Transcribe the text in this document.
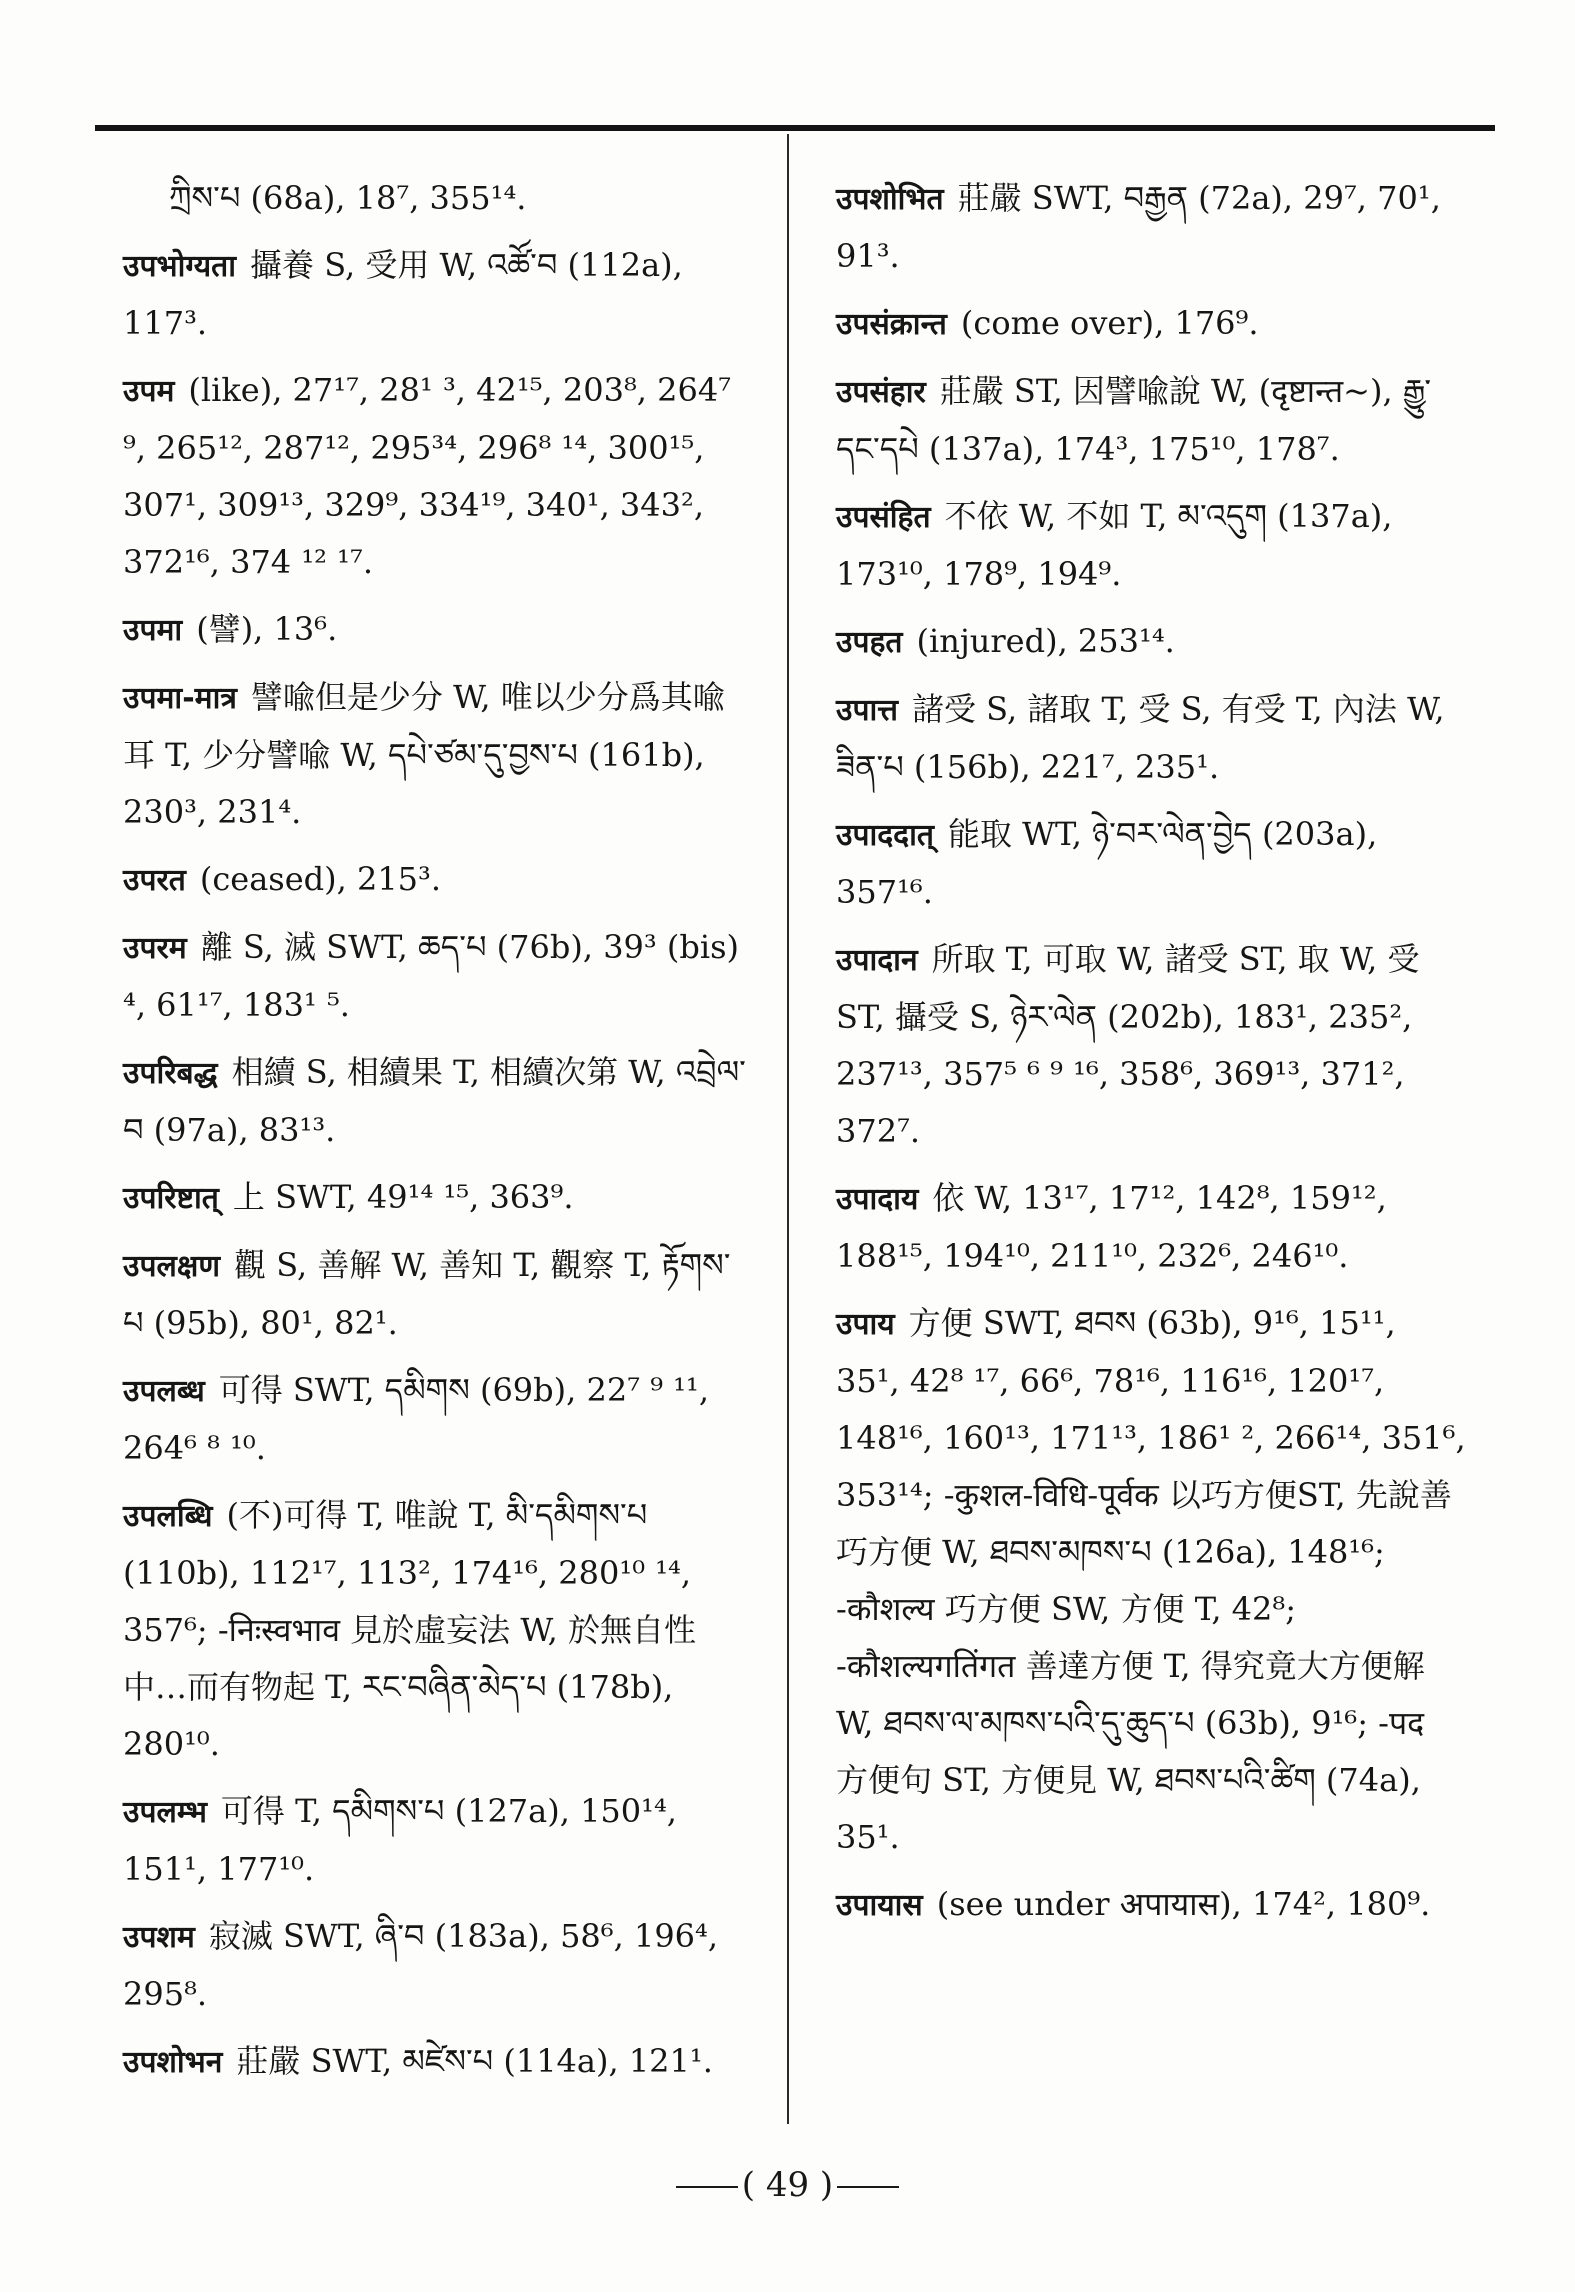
ཀྲིས་པ (68a), 18⁷, 355¹⁴.
उपभोग्यता 攝養 S, 受用 W, འཚོ་བ (112a), 117³.
उपम (like), 27¹⁷, 28¹ ³, 42¹⁵, 203⁸, 264⁷ ⁹, 265¹², 287¹², 295³⁴, 296⁸ ¹⁴, 300¹⁵, 307¹, 309¹³, 329⁹, 334¹⁹, 340¹, 343², 372¹⁶, 374 ¹² ¹⁷.
उपमा (譬), 13⁶.
उपमा-मात्र 譬喩但是少分 W, 唯以少分爲其喩耳 T, 少分譬喩 W, དཔེ་ཙམ་དུ་བྱས་པ (161b), 230³, 231⁴.
उपरत (ceased), 215³.
उपरम 離 S, 滅 SWT, ཆད་པ (76b), 39³ (bis) ⁴, 61¹⁷, 183¹ ⁵.
उपरिबद्ध 相續 S, 相續果 T, 相續次第 W, འབྲེལ་བ (97a), 83¹³.
उपरिष्टात् 上 SWT, 49¹⁴ ¹⁵, 363⁹.
उपलक्षण 觀 S, 善解 W, 善知 T, 觀察 T, རྟོགས་པ (95b), 80¹, 82¹.
उपलब्ध 可得 SWT, དམིགས (69b), 22⁷ ⁹ ¹¹, 264⁶ ⁸ ¹⁰.
उपलब्धि (不)可得 T, 唯說 T, མི་དམིགས་པ (110b), 112¹⁷, 113², 174¹⁶, 280¹⁰ ¹⁴, 357⁶; -निःस्वभाव 見於虛妄法 W, 於無自性中…而有物起 T, རང་བཞིན་མེད་པ (178b), 280¹⁰.
उपलम्भ 可得 T, དམིགས་པ (127a), 150¹⁴, 151¹, 177¹⁰.
उपशम 寂滅 SWT, ཞི་བ (183a), 58⁶, 196⁴, 295⁸.
उपशोभन 莊嚴 SWT, མཛེས་པ (114a), 121¹.
उपशोभित 莊嚴 SWT, བརྒྱན (72a), 29⁷, 70¹, 91³.
उपसंक्रान्त (come over), 176⁹.
उपसंहार 莊嚴 ST, 因譬喩說 W, (दृष्टान्त~), རྒྱུ་དང་དཔེ (137a), 174³, 175¹⁰, 178⁷.
उपसंहित 不依 W, 不如 T, མ་འདུག (137a), 173¹⁰, 178⁹, 194⁹.
उपहत (injured), 253¹⁴.
उपात्त 諸受 S, 諸取 T, 受 S, 有受 T, 內法 W, ཟིན་པ (156b), 221⁷, 235¹.
उपाददात् 能取 WT, ཉེ་བར་ལེན་བྱེད (203a), 357¹⁶.
उपादान 所取 T, 可取 W, 諸受 ST, 取 W, 受 ST, 攝受 S, ཉེར་ལེན (202b), 183¹, 235², 237¹³, 357⁵ ⁶ ⁹ ¹⁶, 358⁶, 369¹³, 371², 372⁷.
उपादाय 依 W, 13¹⁷, 17¹², 142⁸, 159¹², 188¹⁵, 194¹⁰, 211¹⁰, 232⁶, 246¹⁰.
उपाय 方便 SWT, ཐབས (63b), 9¹⁶, 15¹¹, 35¹, 42⁸ ¹⁷, 66⁶, 78¹⁶, 116¹⁶, 120¹⁷, 148¹⁶, 160¹³, 171¹³, 186¹ ², 266¹⁴, 351⁶, 353¹⁴; -कुशल-विधि-पूर्वक 以巧方便ST, 先說善巧方便 W, ཐབས་མཁས་པ (126a), 148¹⁶; -कौशल्य 巧方便 SW, 方便 T, 42⁸; -कौशल्यगतिंगत 善達方便 T, 得究竟大方便解 W, ཐབས་ལ་མཁས་པའི་དུ་ཆུད་པ (63b), 9¹⁶; -पद 方便句 ST, 方便見 W, ཐབས་པའི་ཚིག (74a), 35¹.
उपायास (see under अपायास), 174², 180⁹.
( 49 )
